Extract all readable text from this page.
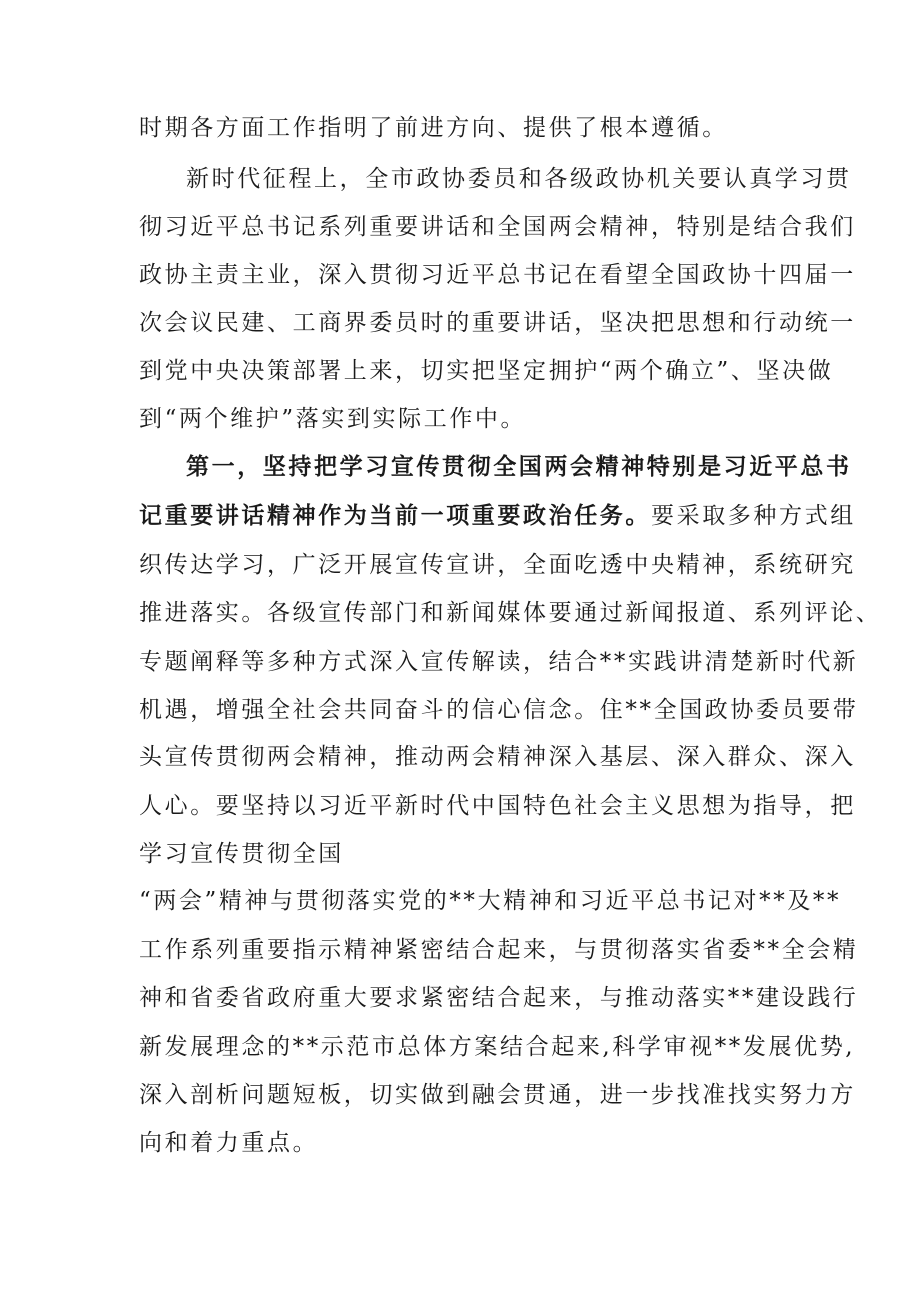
时期各方面工作指明了前进方向、提供了根本遵循。
新时代征程上，全市政协委员和各级政协机关要认真学习贯
彻习近平总书记系列重要讲话和全国两会精神，特别是结合我们
政协主责主业，深入贯彻习近平总书记在看望全国政协十四届一
次会议民建、工商界委员时的重要讲话，坚决把思想和行动统一
到党中央决策部署上来，切实把坚定拥护“两个确立”、坚决做
到“两个维护”落实到实际工作中。
第一，坚持把学习宣传贯彻全国两会精神特别是习近平总书
记重要讲话精神作为当前一项重要政治任务。要采取多种方式组
织传达学习，广泛开展宣传宣讲，全面吃透中央精神，系统研究
推进落实。各级宣传部门和新闻媒体要通过新闻报道、系列评论、
专题阐释等多种方式深入宣传解读，结合**实践讲清楚新时代新
机遇，增强全社会共同奋斗的信心信念。住**全国政协委员要带
头宣传贯彻两会精神，推动两会精神深入基层、深入群众、深入
人心。要坚持以习近平新时代中国特色社会主义思想为指导，把
学习宣传贯彻全国
“两会”精神与贯彻落实党的**大精神和习近平总书记对**及**
工作系列重要指示精神紧密结合起来，与贯彻落实省委**全会精
神和省委省政府重大要求紧密结合起来，与推动落实**建设践行
新发展理念的**示范市总体方案结合起来,科学审视**发展优势,
深入剖析问题短板，切实做到融会贯通，进一步找准找实努力方
向和着力重点。
